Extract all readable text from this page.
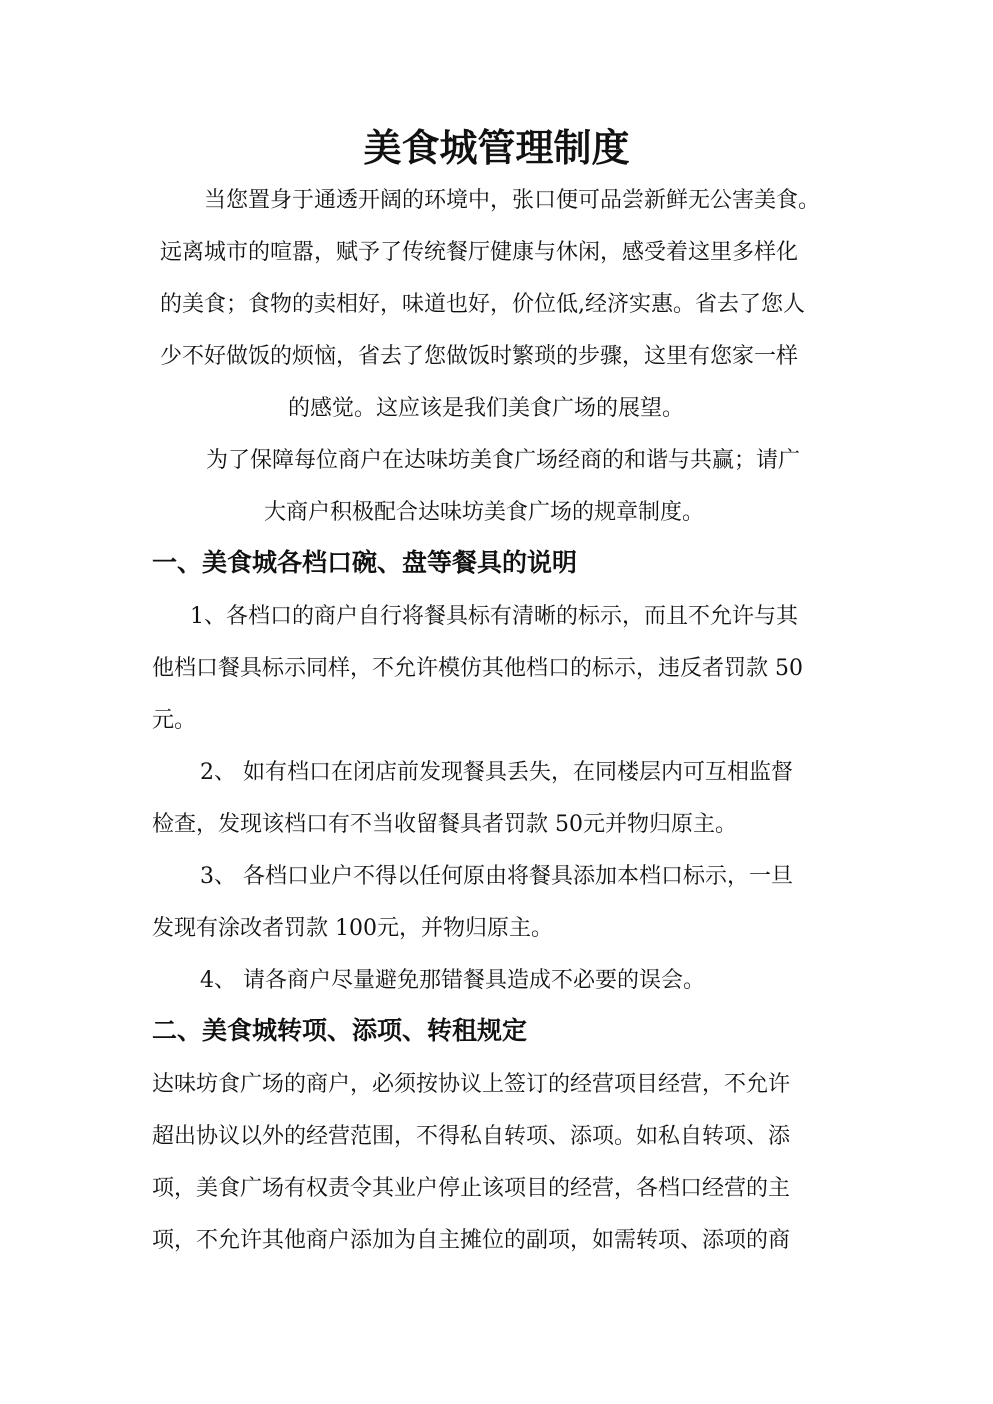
美食城管理制度

当您置身于通透开阔的环境中，张口便可品尝新鲜无公害美食。

远离城市的喧嚣，赋予了传统餐厅健康与休闲，感受着这里多样化

的美食；食物的卖相好，味道也好，价位低,经济实惠。省去了您人

少不好做饭的烦恼，省去了您做饭时繁琐的步骤，这里有您家一样

的感觉。这应该是我们美食广场的展望。

为了保障每位商户在达味坊美食广场经商的和谐与共赢；请广

大商户积极配合达味坊美食广场的规章制度。

一、美食城各档口碗、盘等餐具的说明

1、各档口的商户自行将餐具标有清晰的标示，而且不允许与其

他档口餐具标示同样，不允许模仿其他档口的标示，违反者罚款 50

元。

2、 如有档口在闭店前发现餐具丢失，在同楼层内可互相监督

检查，发现该档口有不当收留餐具者罚款 50元并物归原主。

3、 各档口业户不得以任何原由将餐具添加本档口标示，一旦

发现有涂改者罚款 100元，并物归原主。

4、 请各商户尽量避免那错餐具造成不必要的误会。

二、美食城转项、添项、转租规定

达味坊食广场的商户，必须按协议上签订的经营项目经营，不允许

超出协议以外的经营范围，不得私自转项、添项。如私自转项、添

项，美食广场有权责令其业户停止该项目的经营，各档口经营的主

项，不允许其他商户添加为自主摊位的副项，如需转项、添项的商
